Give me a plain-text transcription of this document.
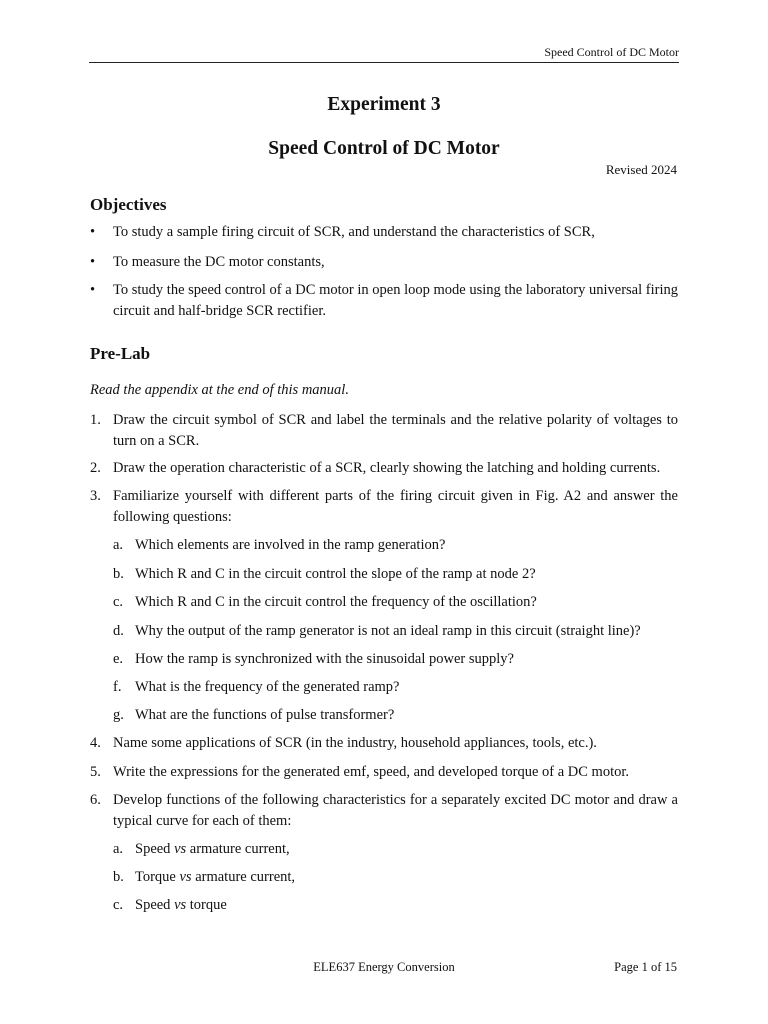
Speed Control of DC Motor
Experiment 3
Speed Control of DC Motor
Revised 2024
Objectives
• To study a sample firing circuit of SCR, and understand the characteristics of SCR,
• To measure the DC motor constants,
• To study the speed control of a DC motor in open loop mode using the laboratory universal firing circuit and half-bridge SCR rectifier.
Pre-Lab
Read the appendix at the end of this manual.
1. Draw the circuit symbol of SCR and label the terminals and the relative polarity of voltages to turn on a SCR.
2. Draw the operation characteristic of a SCR, clearly showing the latching and holding currents.
3. Familiarize yourself with different parts of the firing circuit given in Fig. A2 and answer the following questions:
a. Which elements are involved in the ramp generation?
b. Which R and C in the circuit control the slope of the ramp at node 2?
c. Which R and C in the circuit control the frequency of the oscillation?
d. Why the output of the ramp generator is not an ideal ramp in this circuit (straight line)?
e. How the ramp is synchronized with the sinusoidal power supply?
f. What is the frequency of the generated ramp?
g. What are the functions of pulse transformer?
4. Name some applications of SCR (in the industry, household appliances, tools, etc.).
5. Write the expressions for the generated emf, speed, and developed torque of a DC motor.
6. Develop functions of the following characteristics for a separately excited DC motor and draw a typical curve for each of them:
a. Speed vs armature current,
b. Torque vs armature current,
c. Speed vs torque
ELE637 Energy Conversion	Page 1 of 15
